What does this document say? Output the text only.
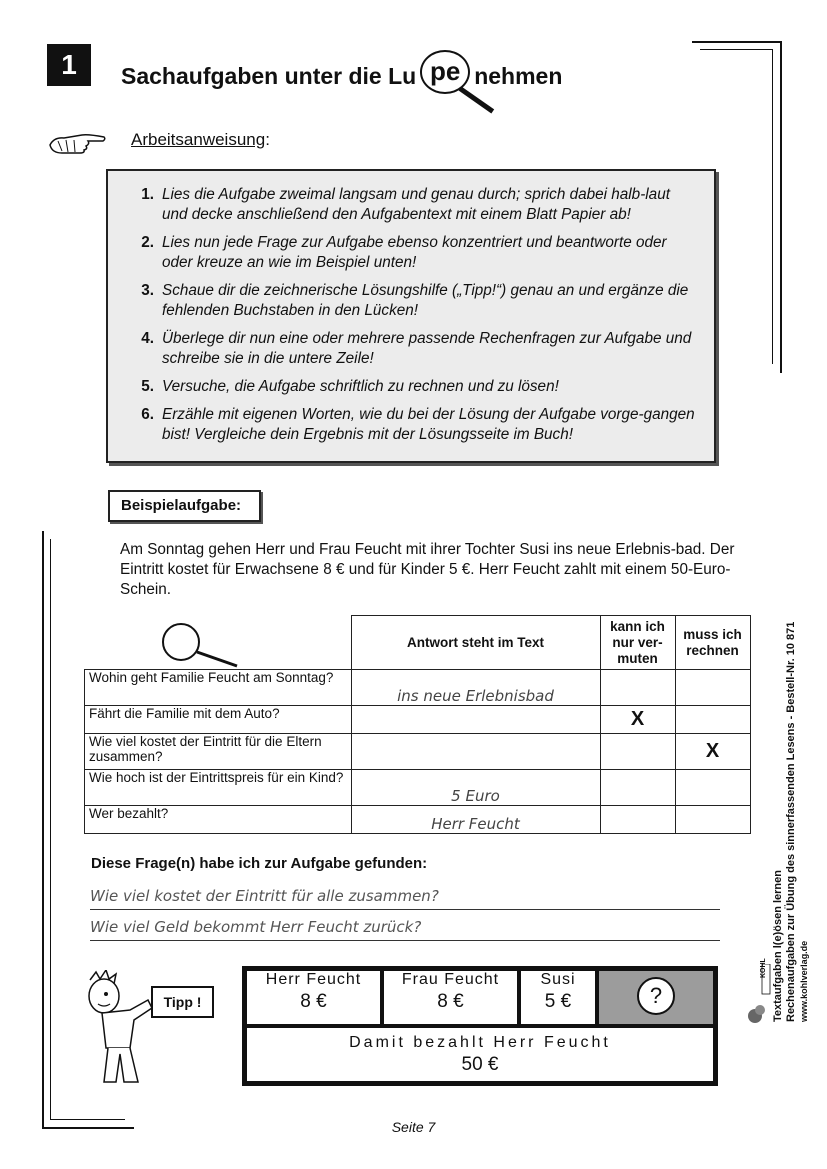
1	Sachaufgaben unter die Lu pe nehmen
Arbeitsanweisung:
1. Lies die Aufgabe zweimal langsam und genau durch; sprich dabei halb-laut und decke anschließend den Aufgabentext mit einem Blatt Papier ab!
2. Lies nun jede Frage zur Aufgabe ebenso konzentriert und beantworte oder oder kreuze an wie im Beispiel unten!
3. Schaue dir die zeichnerische Lösungshilfe („Tipp!“) genau an und ergänze die fehlenden Buchstaben in den Lücken!
4. Überlege dir nun eine oder mehrere passende Rechenfragen zur Aufgabe und schreibe sie in die untere Zeile!
5. Versuche, die Aufgabe schriftlich zu rechnen und zu lösen!
6. Erzähle mit eigenen Worten, wie du bei der Lösung der Aufgabe vorge-gangen bist! Vergleiche dein Ergebnis mit der Lösungsseite im Buch!
Beispielaufgabe:
Am Sonntag gehen Herr und Frau Feucht mit ihrer Tochter Susi ins neue Erlebnis-bad. Der Eintritt kostet für Erwachsene 8 € und für Kinder 5 €. Herr Feucht zahlt mit einem 50-Euro-Schein.
	Antwort steht im Text	kann ich nur ver-muten	muss ich rechnen
Wohin geht Familie Feucht am Sonntag?	ins neue Erlebnisbad		
Fährt die Familie mit dem Auto?		X	
Wie viel kostet der Eintritt für die Eltern zusammen?			X
Wie hoch ist der Eintrittspreis für ein Kind?	5 Euro		
Wer bezahlt?	Herr Feucht		
Diese Frage(n) habe ich zur Aufgabe gefunden:
Wie viel kostet der Eintritt für alle zusammen?
Wie viel Geld bekommt Herr Feucht zurück?
Tipp !
Herr Feucht
8 €
Frau Feucht
8 €
Susi
5 €	?
Damit bezahlt Herr Feucht
50 €
Textaufgaben l(e)ösen lernen Rechenaufgaben zur Übung des sinnerfassenden Lesens - Bestell-Nr. 10 871 www.kohlverlag.de
KOHL
Seite 7
